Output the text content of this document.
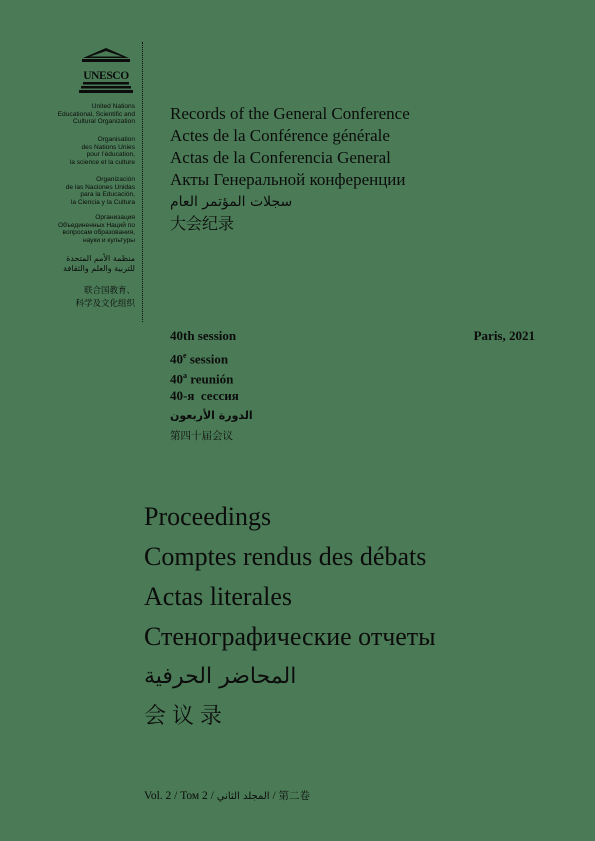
UNESCO
United Nations
Educational, Scientific and
Cultural Organization
Organisation
des Nations Unies
pour l’éducation,
la science et la culture
Organización
de las Naciones Unidas
para la Educación,
la Ciencia y la Cultura
Организация
Объединенных Наций по
вопросам образования,
науки и культуры
منظمة الأمم المتحدة
للتربية والعلم والثقافة
联合国教育、
科学及文化组织
Records of the General Conference
Actes de la Conférence générale
Actas de la Conferencia General
Акты Генеральной конференции
سجلات المؤتمر العام
大会纪录
40th session
40e session
40$^a$ reunión
40-я  сессия
الدورة الأربعون
第四十届会议
Paris, 2021
Proceedings
Comptes rendus des débats
Actas literales
Стенографические отчеты
المحاضر الحرفية
会议录
Vol. 2 / Том 2 / المجلد الثاني / 第二卷
